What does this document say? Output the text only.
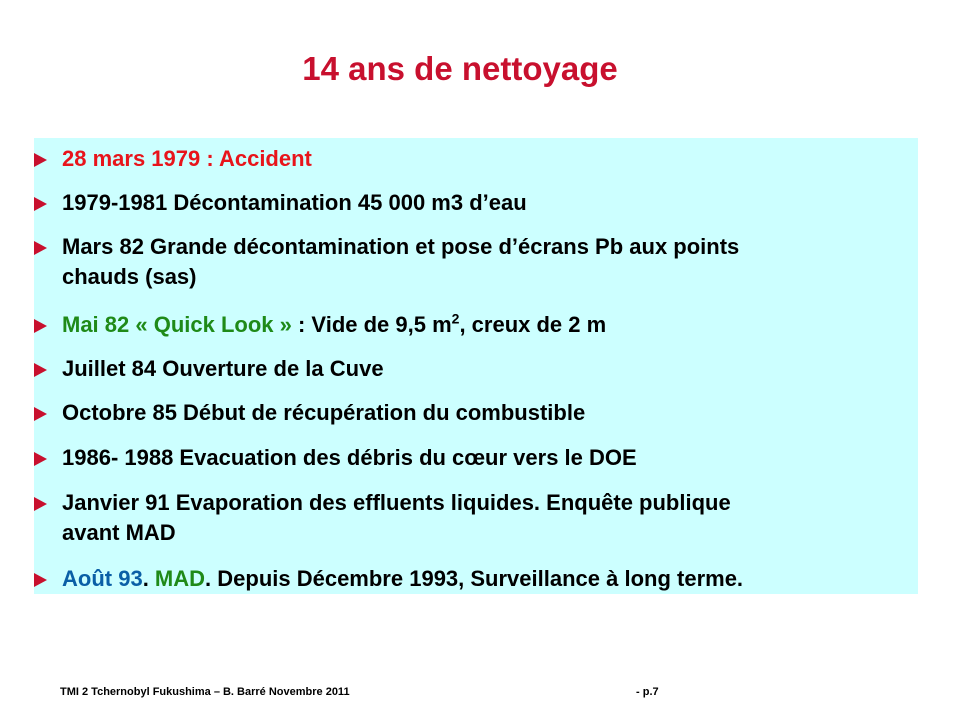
14 ans de nettoyage
28 mars 1979 : Accident
1979-1981 Décontamination 45 000 m3 d’eau
Mars 82 Grande décontamination et pose d’écrans Pb aux points
chauds (sas)
Mai 82 « Quick Look » : Vide de 9,5 $m^2$, creux de 2 m
Juillet 84 Ouverture de la Cuve
Octobre 85 Début de récupération du combustible
1986- 1988 Evacuation des débris du cœur vers le DOE
Janvier 91 Evaporation des effluents liquides. Enquête publique
avant MAD
Août 93. MAD. Depuis Décembre 1993, Surveillance à long terme.
TMI 2 Tchernobyl Fukushima – B. Barré Novembre 2011	- p.7
